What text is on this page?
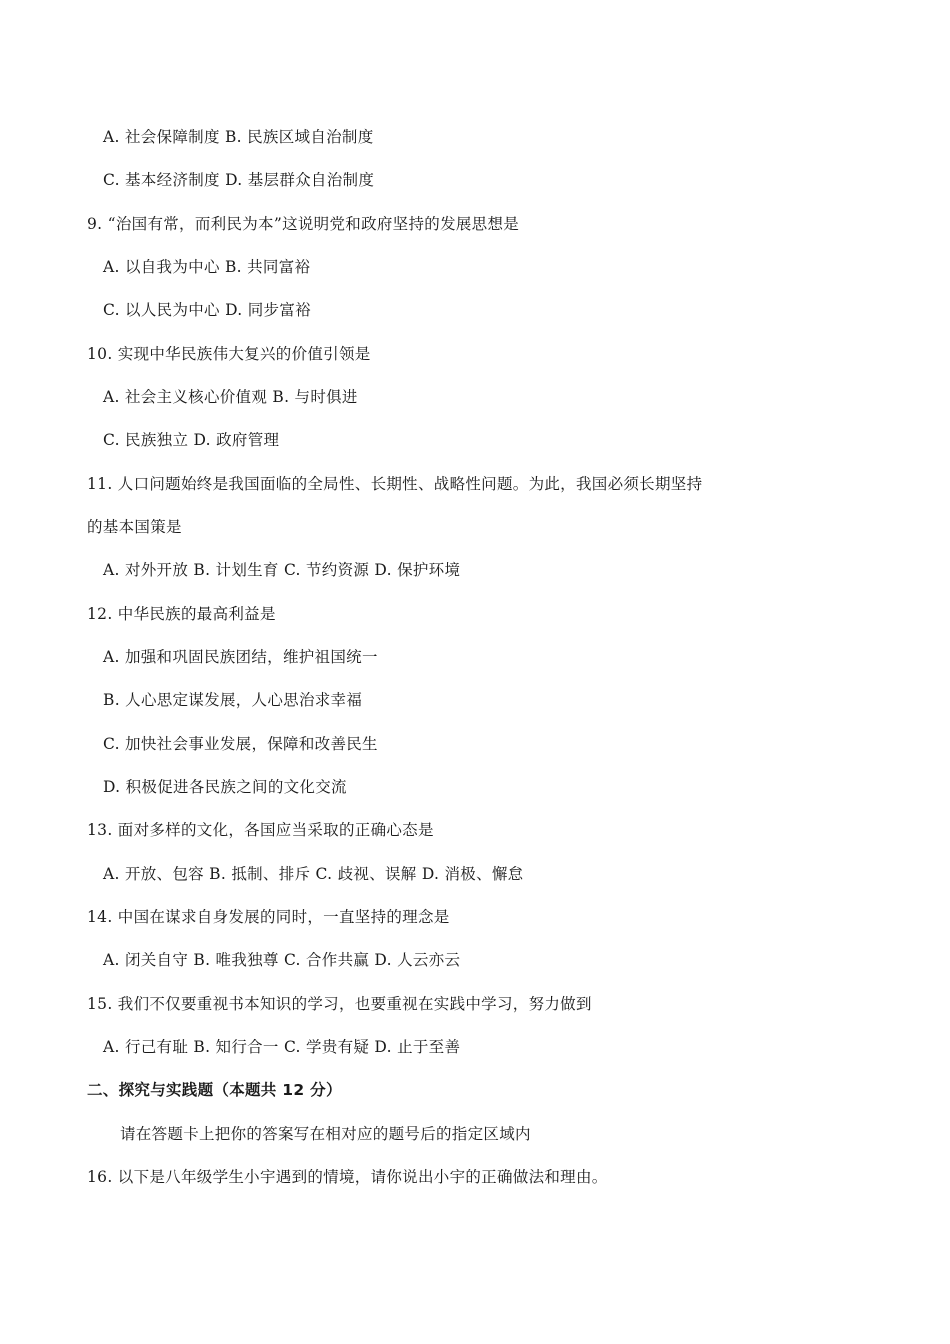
A. 社会保障制度 B. 民族区域自治制度
C. 基本经济制度 D. 基层群众自治制度
9. “治国有常，而利民为本”这说明党和政府坚持的发展思想是
A. 以自我为中心 B. 共同富裕
C. 以人民为中心 D. 同步富裕
10. 实现中华民族伟大复兴的价值引领是
A. 社会主义核心价值观 B. 与时俱进
C. 民族独立 D. 政府管理
11. 人口问题始终是我国面临的全局性、长期性、战略性问题。为此，我国必须长期坚持
的基本国策是
A. 对外开放 B. 计划生育 C. 节约资源 D. 保护环境
12. 中华民族的最高利益是
A. 加强和巩固民族团结，维护祖国统一
B. 人心思定谋发展，人心思治求幸福
C. 加快社会事业发展，保障和改善民生
D. 积极促进各民族之间的文化交流
13. 面对多样的文化，各国应当采取的正确心态是
A. 开放、包容 B. 抵制、排斥 C. 歧视、误解 D. 消极、懈怠
14. 中国在谋求自身发展的同时，一直坚持的理念是
A. 闭关自守 B. 唯我独尊 C. 合作共赢 D. 人云亦云
15. 我们不仅要重视书本知识的学习，也要重视在实践中学习，努力做到
A. 行己有耻 B. 知行合一 C. 学贵有疑 D. 止于至善
二、探究与实践题（本题共 12 分）
请在答题卡上把你的答案写在相对应的题号后的指定区域内
16. 以下是八年级学生小宇遇到的情境，请你说出小宇的正确做法和理由。
